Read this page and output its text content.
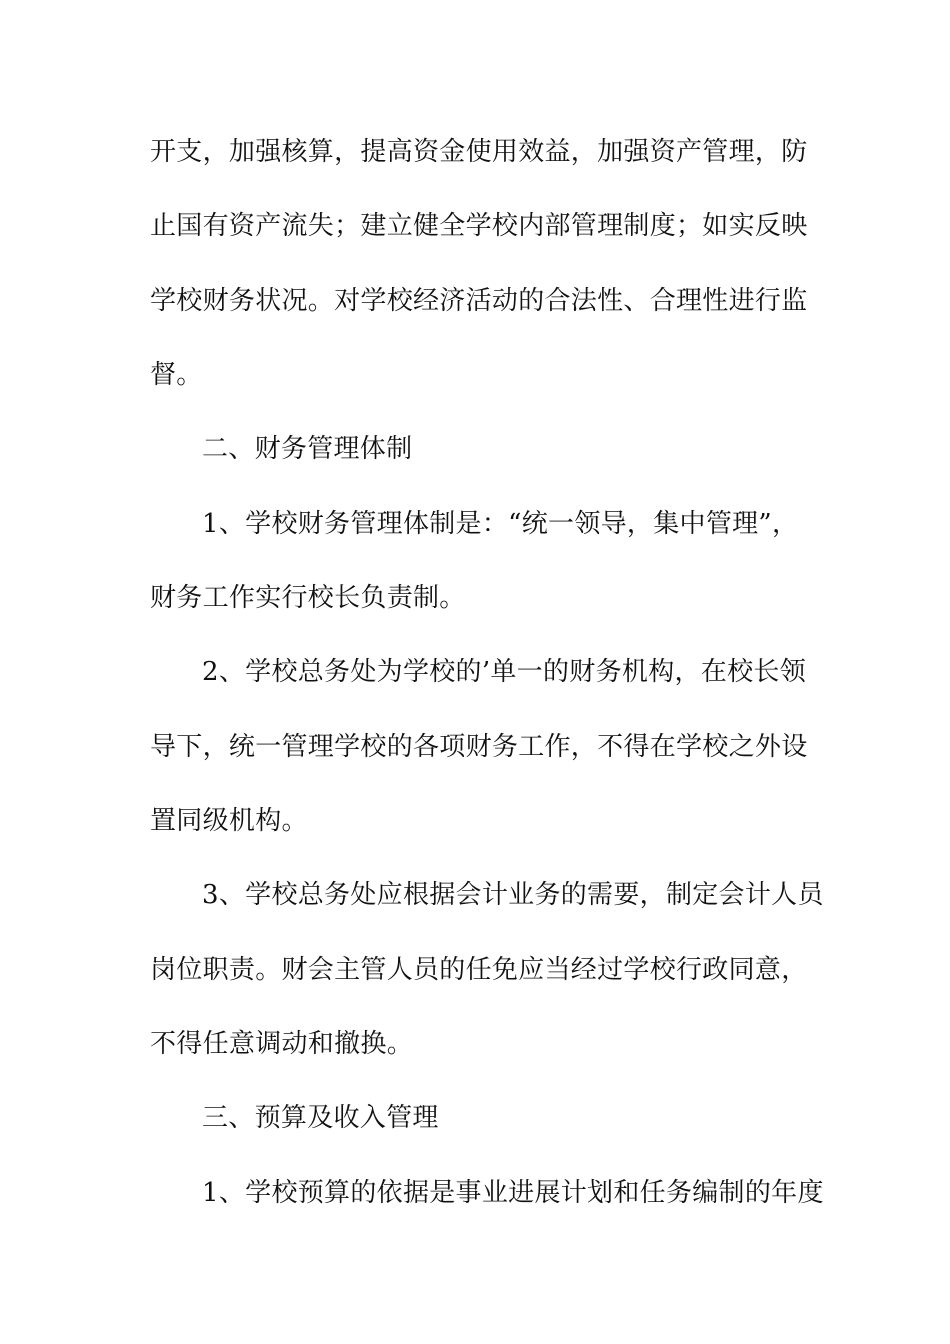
开支，加强核算，提高资金使用效益，加强资产管理，防
止国有资产流失；建立健全学校内部管理制度；如实反映
学校财务状况。对学校经济活动的合法性、合理性进行监
督。
二、财务管理体制
1、学校财务管理体制是：“统一领导，集中管理”，
财务工作实行校长负责制。
2、学校总务处为学校的’单一的财务机构，在校长领
导下，统一管理学校的各项财务工作，不得在学校之外设
置同级机构。
3、学校总务处应根据会计业务的需要，制定会计人员
岗位职责。财会主管人员的任免应当经过学校行政同意，
不得任意调动和撤换。
三、预算及收入管理
1、学校预算的依据是事业进展计划和任务编制的年度
